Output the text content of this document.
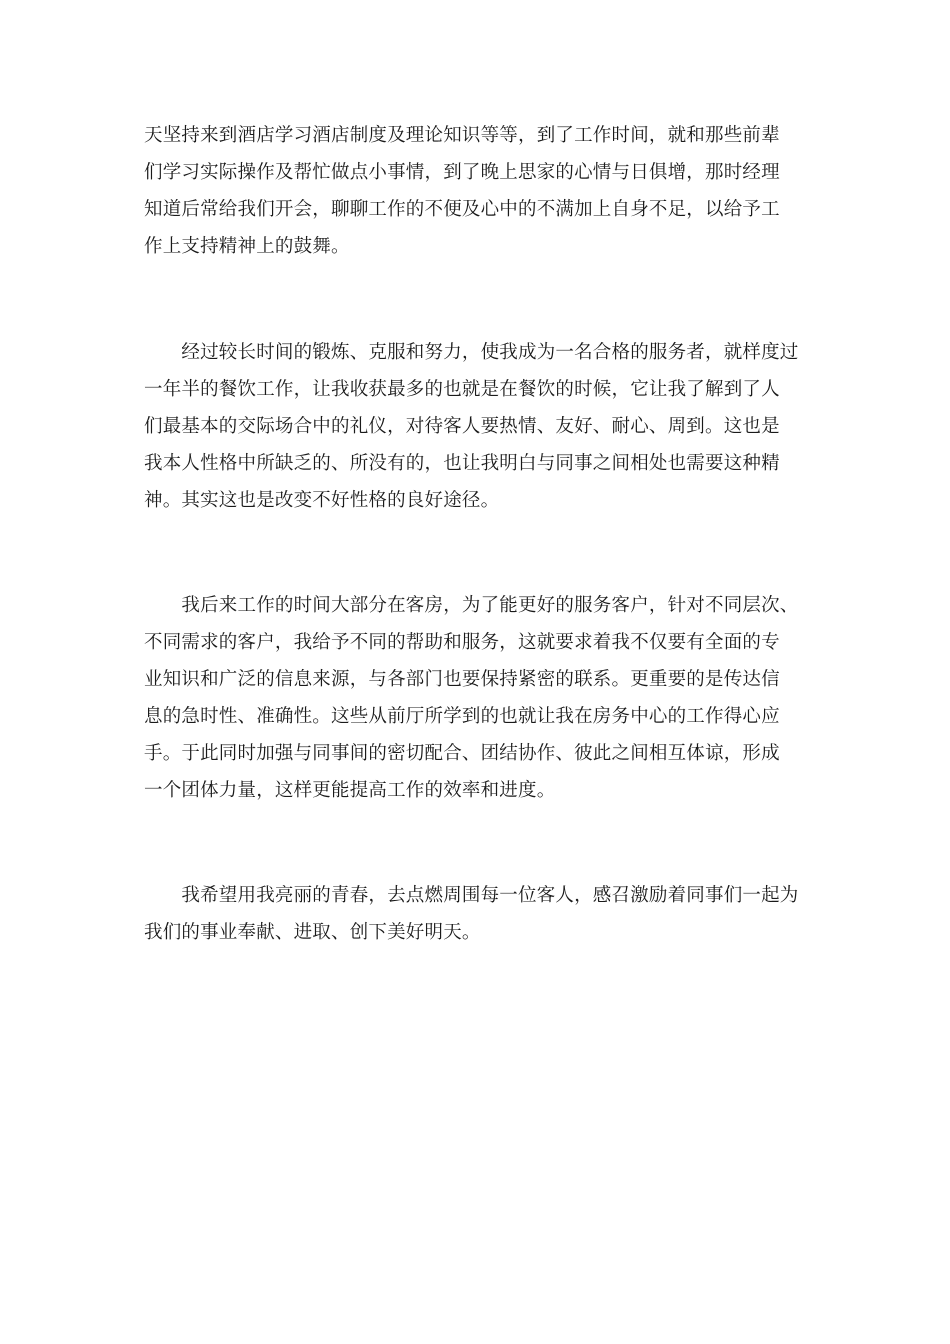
天坚持来到酒店学习酒店制度及理论知识等等，到了工作时间，就和那些前辈
们学习实际操作及帮忙做点小事情，到了晚上思家的心情与日俱增，那时经理
知道后常给我们开会，聊聊工作的不便及心中的不满加上自身不足，以给予工
作上支持精神上的鼓舞。
　　经过较长时间的锻炼、克服和努力，使我成为一名合格的服务者，就样度过
一年半的餐饮工作，让我收获最多的也就是在餐饮的时候，它让我了解到了人
们最基本的交际场合中的礼仪，对待客人要热情、友好、耐心、周到。这也是
我本人性格中所缺乏的、所没有的，也让我明白与同事之间相处也需要这种精
神。其实这也是改变不好性格的良好途径。
　　我后来工作的时间大部分在客房，为了能更好的服务客户，针对不同层次、
不同需求的客户，我给予不同的帮助和服务，这就要求着我不仅要有全面的专
业知识和广泛的信息来源，与各部门也要保持紧密的联系。更重要的是传达信
息的急时性、准确性。这些从前厅所学到的也就让我在房务中心的工作得心应
手。于此同时加强与同事间的密切配合、团结协作、彼此之间相互体谅，形成
一个团体力量，这样更能提高工作的效率和进度。
　　我希望用我亮丽的青春，去点燃周围每一位客人，感召激励着同事们一起为
我们的事业奉献、进取、创下美好明天。
